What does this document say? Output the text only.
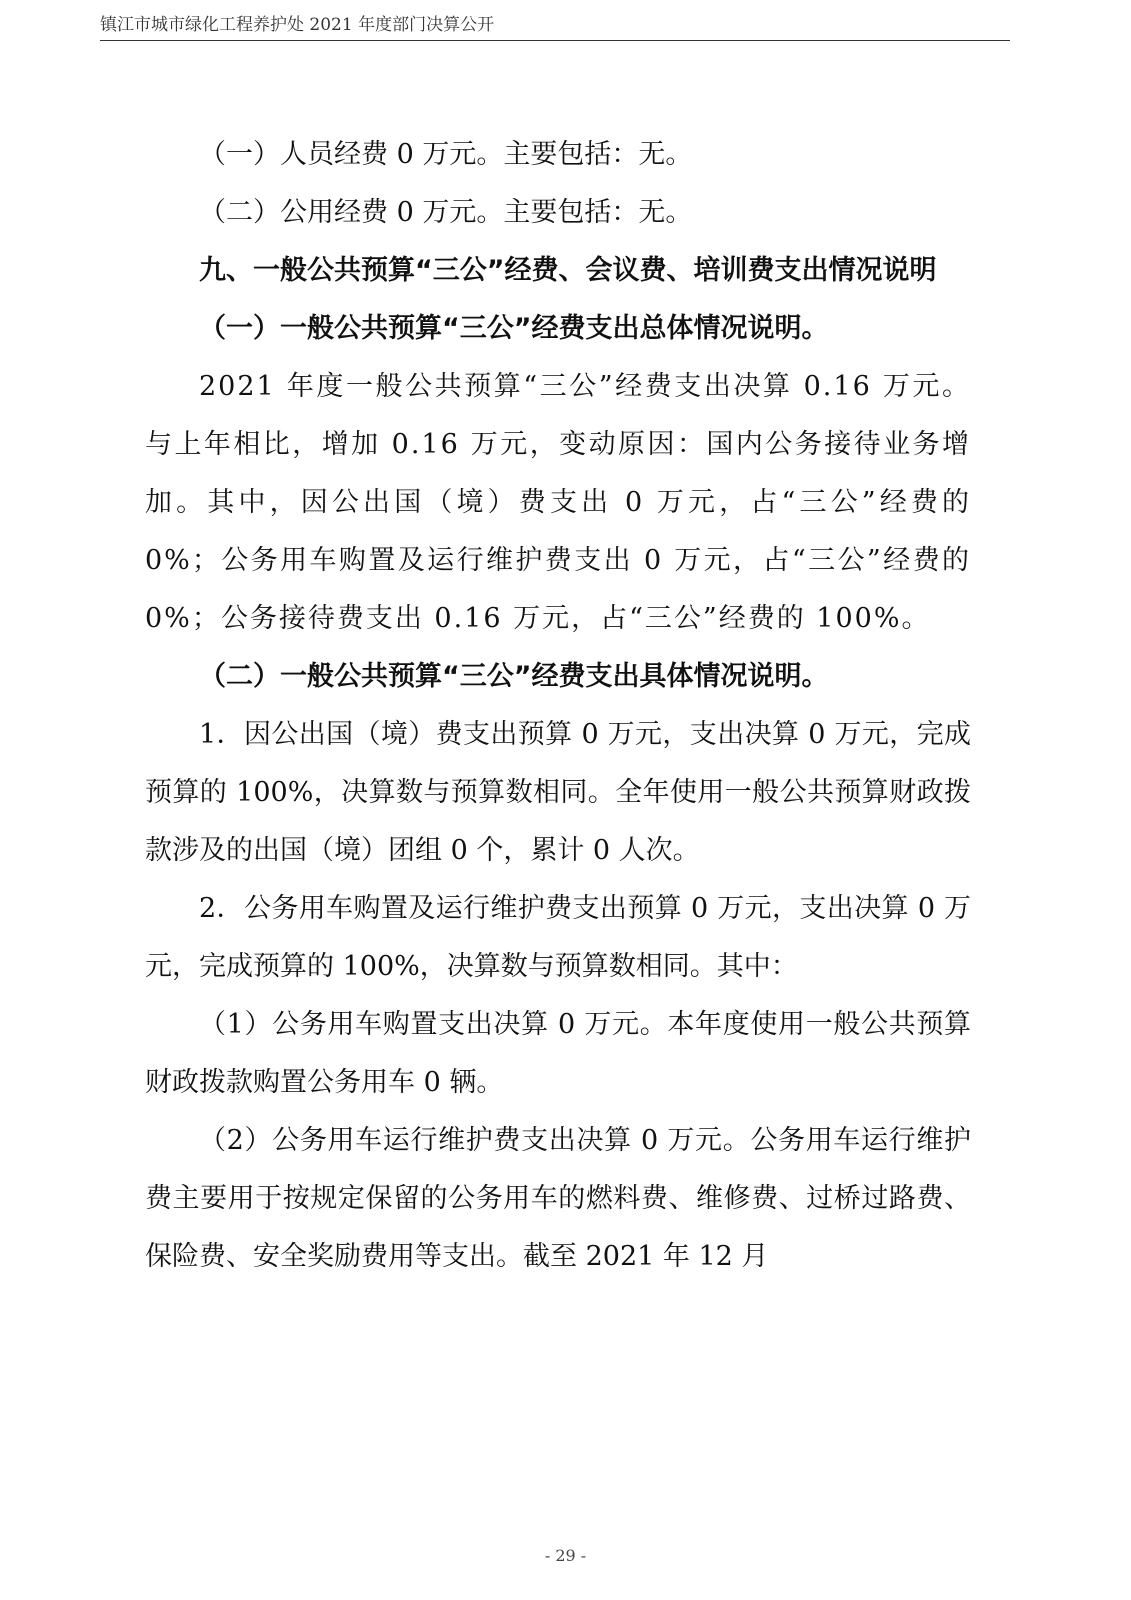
镇江市城市绿化工程养护处 2021 年度部门决算公开

（一）人员经费 0 万元。主要包括：无。

（二）公用经费 0 万元。主要包括：无。

九、一般公共预算“三公”经费、会议费、培训费支出情况说明

（一）一般公共预算“三公”经费支出总体情况说明。

2021 年度一般公共预算“三公”经费支出决算 0.16 万元。与上年相比，增加 0.16 万元，变动原因：国内公务接待业务增加。其中，因公出国（境）费支出 0 万元，占“三公”经费的 0%；公务用车购置及运行维护费支出 0 万元，占“三公”经费的 0%；公务接待费支出 0.16 万元，占“三公”经费的 100%。

（二）一般公共预算“三公”经费支出具体情况说明。

1．因公出国（境）费支出预算 0 万元，支出决算 0 万元，完成预算的 100%，决算数与预算数相同。全年使用一般公共预算财政拨款涉及的出国（境）团组 0 个，累计 0 人次。

2．公务用车购置及运行维护费支出预算 0 万元，支出决算 0 万元，完成预算的 100%，决算数与预算数相同。其中：

（1）公务用车购置支出决算 0 万元。本年度使用一般公共预算财政拨款购置公务用车 0 辆。

（2）公务用车运行维护费支出决算 0 万元。公务用车运行维护费主要用于按规定保留的公务用车的燃料费、维修费、过桥过路费、保险费、安全奖励费用等支出。截至 2021 年 12 月

- 29 -
